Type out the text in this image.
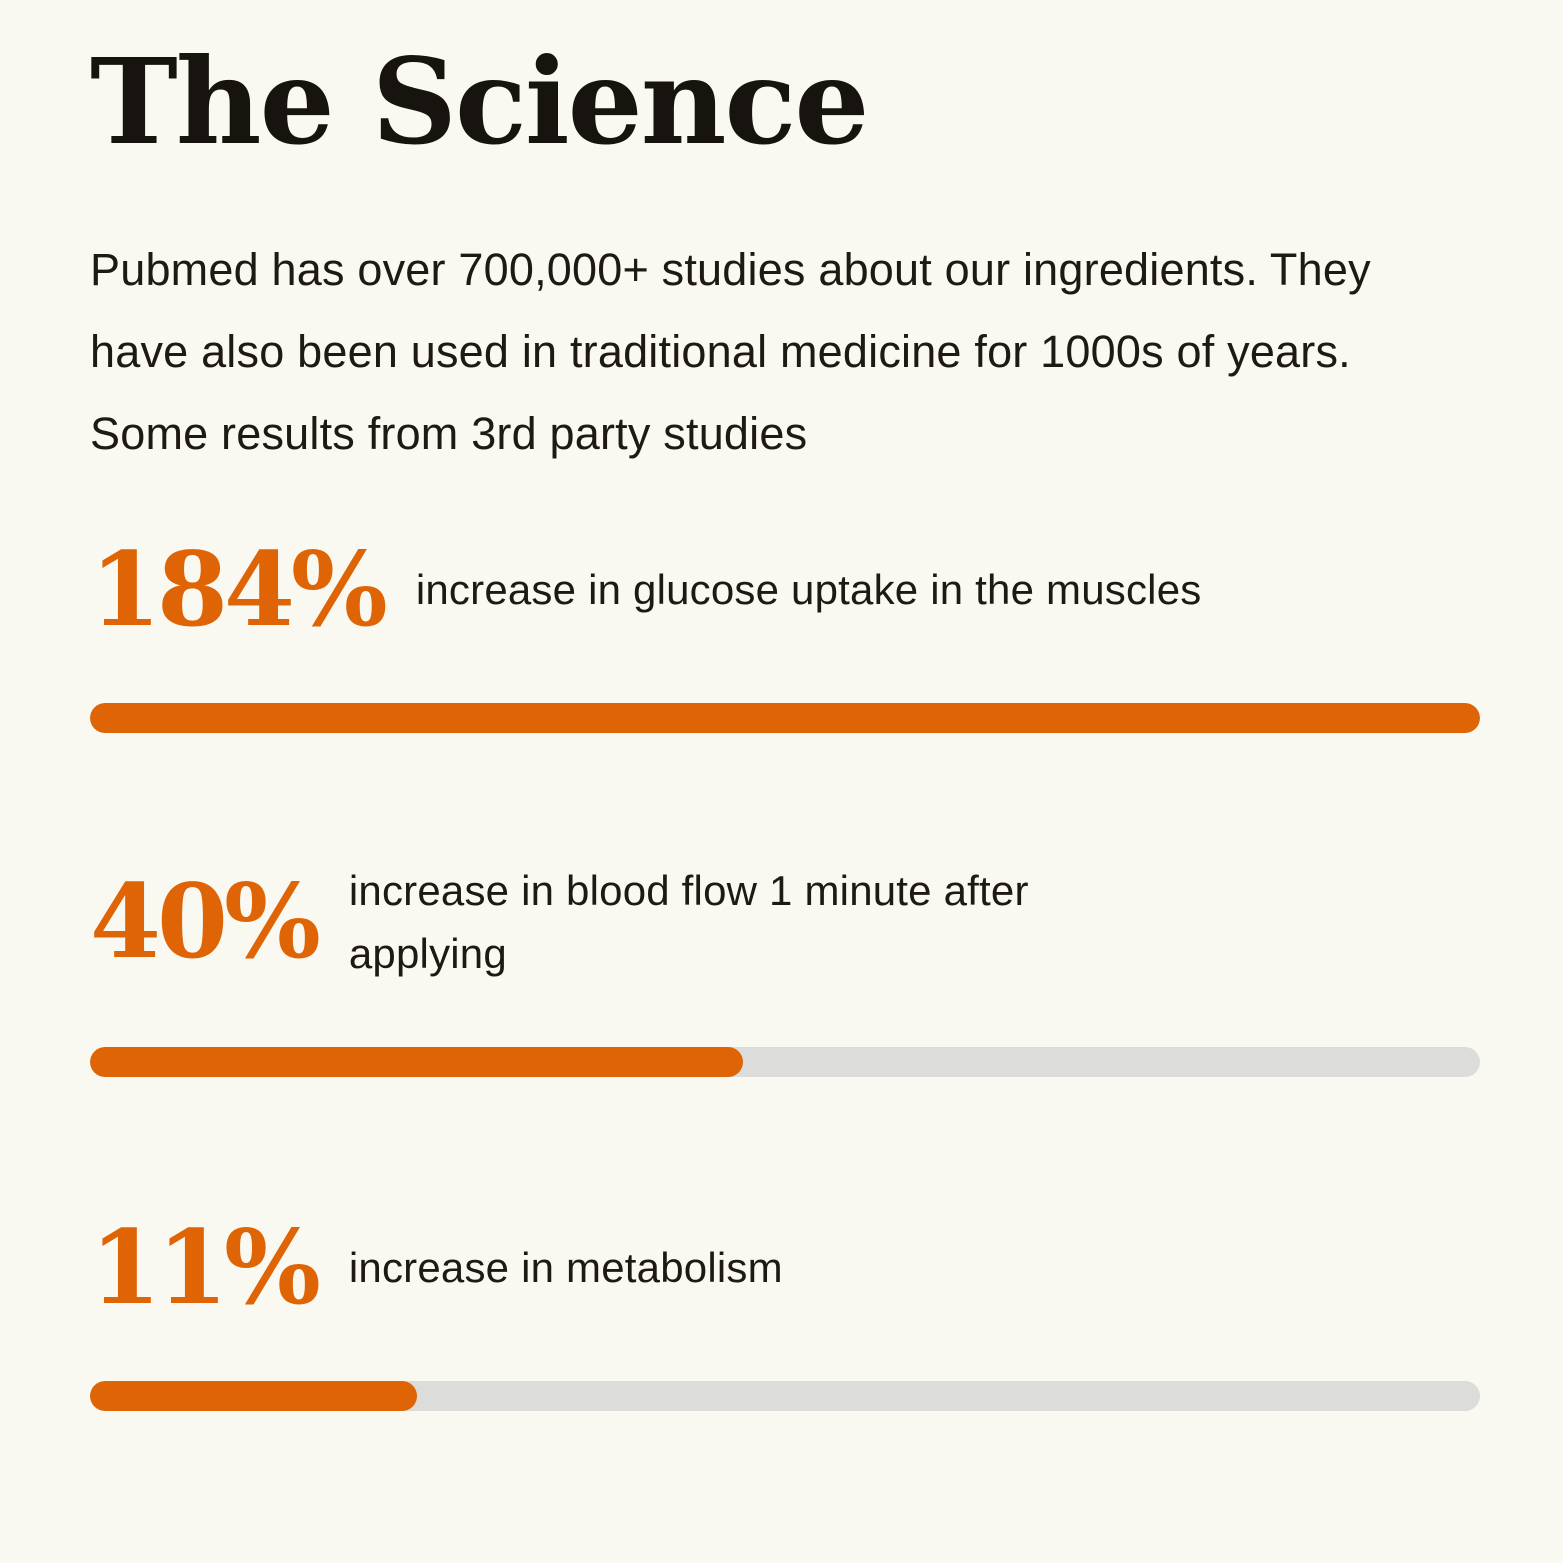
The Science

Pubmed has over 700,000+ studies about our ingredients. They have also been used in traditional medicine for 1000s of years. Some results from 3rd party studies

184% increase in glucose uptake in the muscles
40% increase in blood flow 1 minute after applying
11% increase in metabolism
